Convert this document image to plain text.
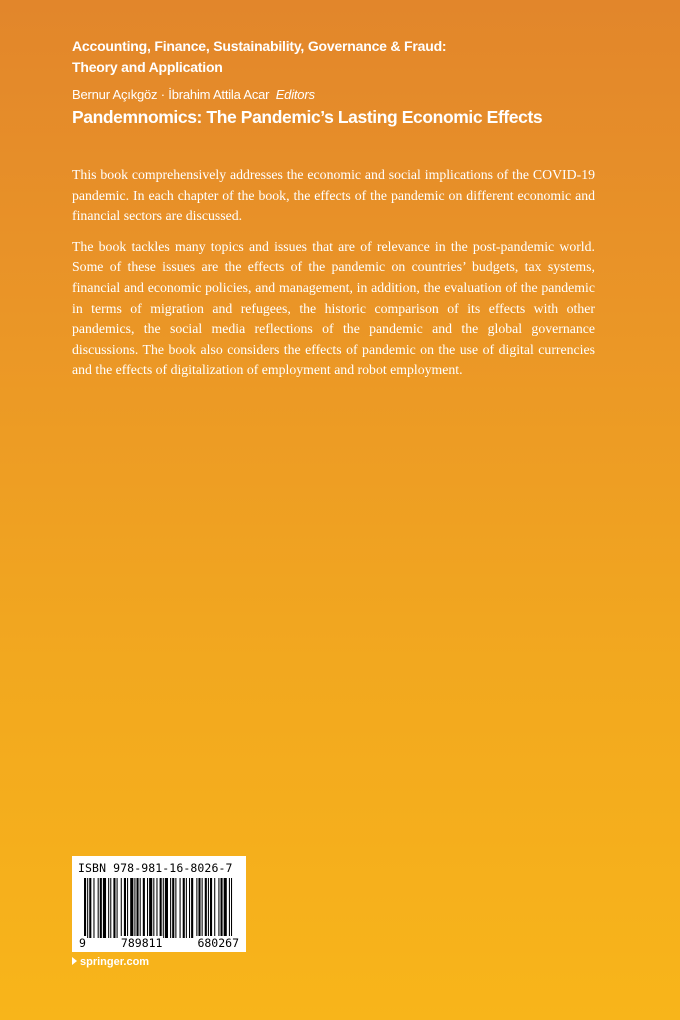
Accounting, Finance, Sustainability, Governance & Fraud:
Theory and Application
Bernur Açıkgöz · İbrahim Attila Acar Editors
Pandemnomics: The Pandemic’s Lasting Economic Effects

This book comprehensively addresses the economic and social implications of the COVID-19 pandemic. In each chapter of the book, the effects of the pandemic on different economic and financial sectors are discussed.

The book tackles many topics and issues that are of relevance in the post-pandemic world. Some of these issues are the effects of the pandemic on countries’ budgets, tax systems, financial and economic policies, and management, in addition, the evaluation of the pandemic in terms of migration and refugees, the historic comparison of its effects with other pandemics, the social media reflections of the pandemic and the global governance discussions. The book also considers the effects of pandemic on the use of digital currencies and the effects of digitalization of employment and robot employment.

ISBN 978-981-16-8026-7
9	789811	680267
springer.com
